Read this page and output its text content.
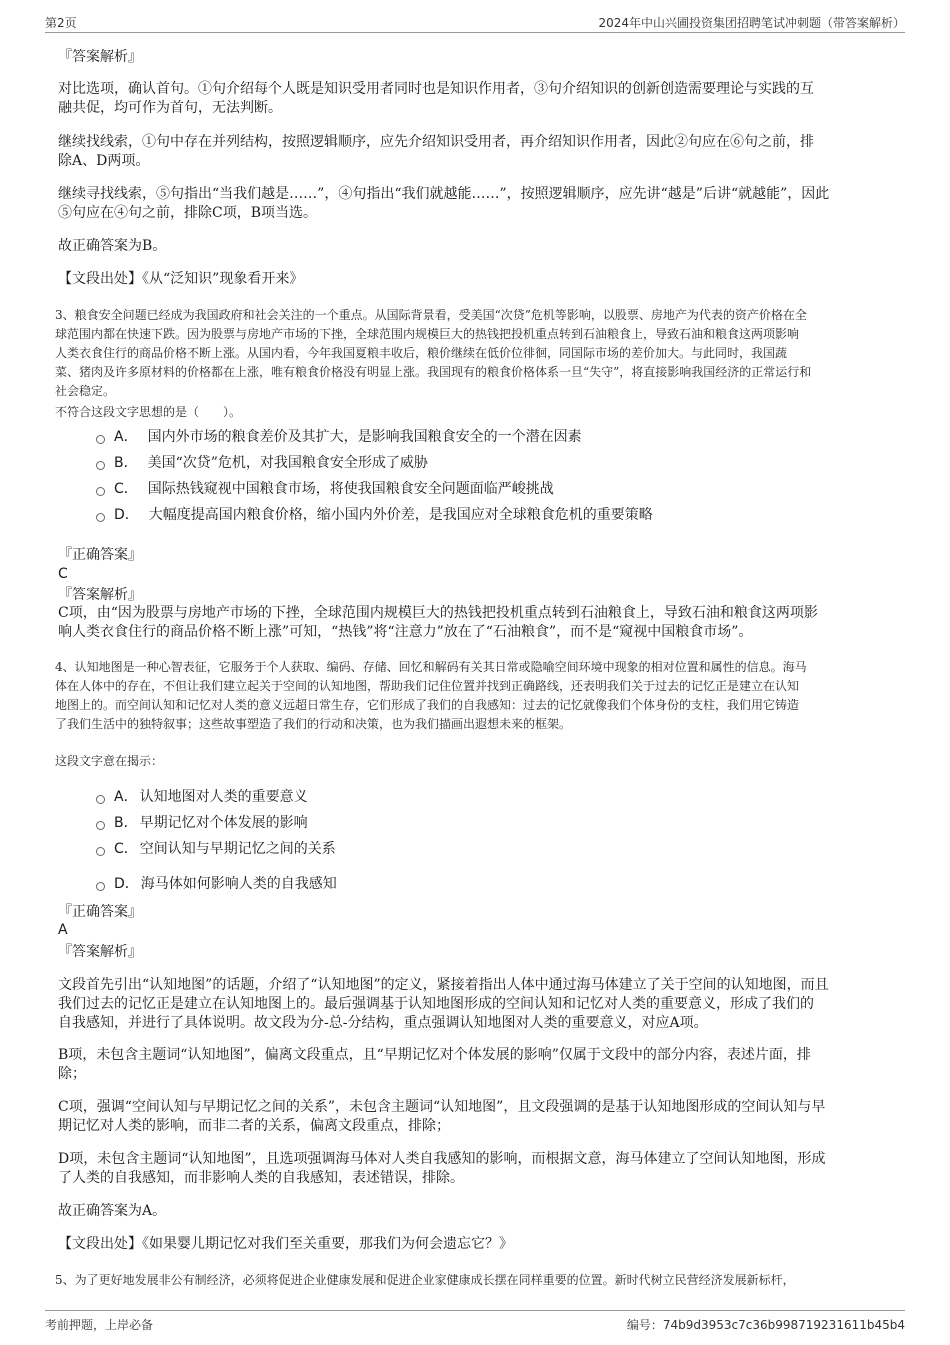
第2页	2024年中山兴圃投资集团招聘笔试冲刺题（带答案解析）
『答案解析』
对比选项，确认首句。①句介绍每个人既是知识受用者同时也是知识作用者，③句介绍知识的创新创造需要理论与实践的互
融共促，均可作为首句，无法判断。
继续找线索，①句中存在并列结构，按照逻辑顺序，应先介绍知识受用者，再介绍知识作用者，因此②句应在⑥句之前，排
除A、D两项。
继续寻找线索，⑤句指出“当我们越是……”，④句指出“我们就越能……”，按照逻辑顺序，应先讲“越是”后讲“就越能”，因此
⑤句应在④句之前，排除C项，B项当选。
故正确答案为B。
【文段出处】《从“泛知识”现象看开来》
3、粮食安全问题已经成为我国政府和社会关注的一个重点。从国际背景看，受美国“次贷”危机等影响，以股票、房地产为代表的资产价格在全
球范围内都在快速下跌。因为股票与房地产市场的下挫，全球范围内规模巨大的热钱把投机重点转到石油粮食上，导致石油和粮食这两项影响
人类衣食住行的商品价格不断上涨。从国内看，今年我国夏粮丰收后，粮价继续在低价位徘徊，同国际市场的差价加大。与此同时，我国蔬
菜、猪肉及许多原材料的价格都在上涨，唯有粮食价格没有明显上涨。我国现有的粮食价格体系一旦“失守”，将直接影响我国经济的正常运行和
社会稳定。
不符合这段文字思想的是（　　）。
A． 国内外市场的粮食差价及其扩大，是影响我国粮食安全的一个潜在因素
B． 美国“次贷”危机，对我国粮食安全形成了威胁
C． 国际热钱窥视中国粮食市场，将使我国粮食安全问题面临严峻挑战
D． 大幅度提高国内粮食价格，缩小国内外价差，是我国应对全球粮食危机的重要策略
『正确答案』
C
『答案解析』
C项，由“因为股票与房地产市场的下挫，全球范围内规模巨大的热钱把投机重点转到石油粮食上，导致石油和粮食这两项影
响人类衣食住行的商品价格不断上涨”可知，“热钱”将“注意力”放在了“石油粮食”，而不是“窥视中国粮食市场”。
4、认知地图是一种心智表征，它服务于个人获取、编码、存储、回忆和解码有关其日常或隐喻空间环境中现象的相对位置和属性的信息。海马
体在人体中的存在，不但让我们建立起关于空间的认知地图，帮助我们记住位置并找到正确路线，还表明我们关于过去的记忆正是建立在认知
地图上的。而空间认知和记忆对人类的意义远超日常生存，它们形成了我们的自我感知：过去的记忆就像我们个体身份的支柱，我们用它铸造
了我们生活中的独特叙事；这些故事塑造了我们的行动和决策，也为我们描画出遐想未来的框架。
这段文字意在揭示：
A． 认知地图对人类的重要意义
B． 早期记忆对个体发展的影响
C． 空间认知与早期记忆之间的关系
D． 海马体如何影响人类的自我感知
『正确答案』
A
『答案解析』
文段首先引出“认知地图”的话题，介绍了“认知地图”的定义，紧接着指出人体中通过海马体建立了关于空间的认知地图，而且
我们过去的记忆正是建立在认知地图上的。最后强调基于认知地图形成的空间认知和记忆对人类的重要意义，形成了我们的
自我感知，并进行了具体说明。故文段为分-总-分结构，重点强调认知地图对人类的重要意义，对应A项。
B项，未包含主题词“认知地图”，偏离文段重点，且“早期记忆对个体发展的影响”仅属于文段中的部分内容，表述片面，排
除；
C项，强调“空间认知与早期记忆之间的关系”，未包含主题词“认知地图”，且文段强调的是基于认知地图形成的空间认知与早
期记忆对人类的影响，而非二者的关系，偏离文段重点，排除；
D项，未包含主题词“认知地图”，且选项强调海马体对人类自我感知的影响，而根据文意，海马体建立了空间认知地图，形成
了人类的自我感知，而非影响人类的自我感知，表述错误，排除。
故正确答案为A。
【文段出处】《如果婴儿期记忆对我们至关重要，那我们为何会遗忘它？》
5、为了更好地发展非公有制经济，必须将促进企业健康发展和促进企业家健康成长摆在同样重要的位置。新时代树立民营经济发展新标杆，
考前押题，上岸必备	编号：74b9d3953c7c36b998719231611b45b4
